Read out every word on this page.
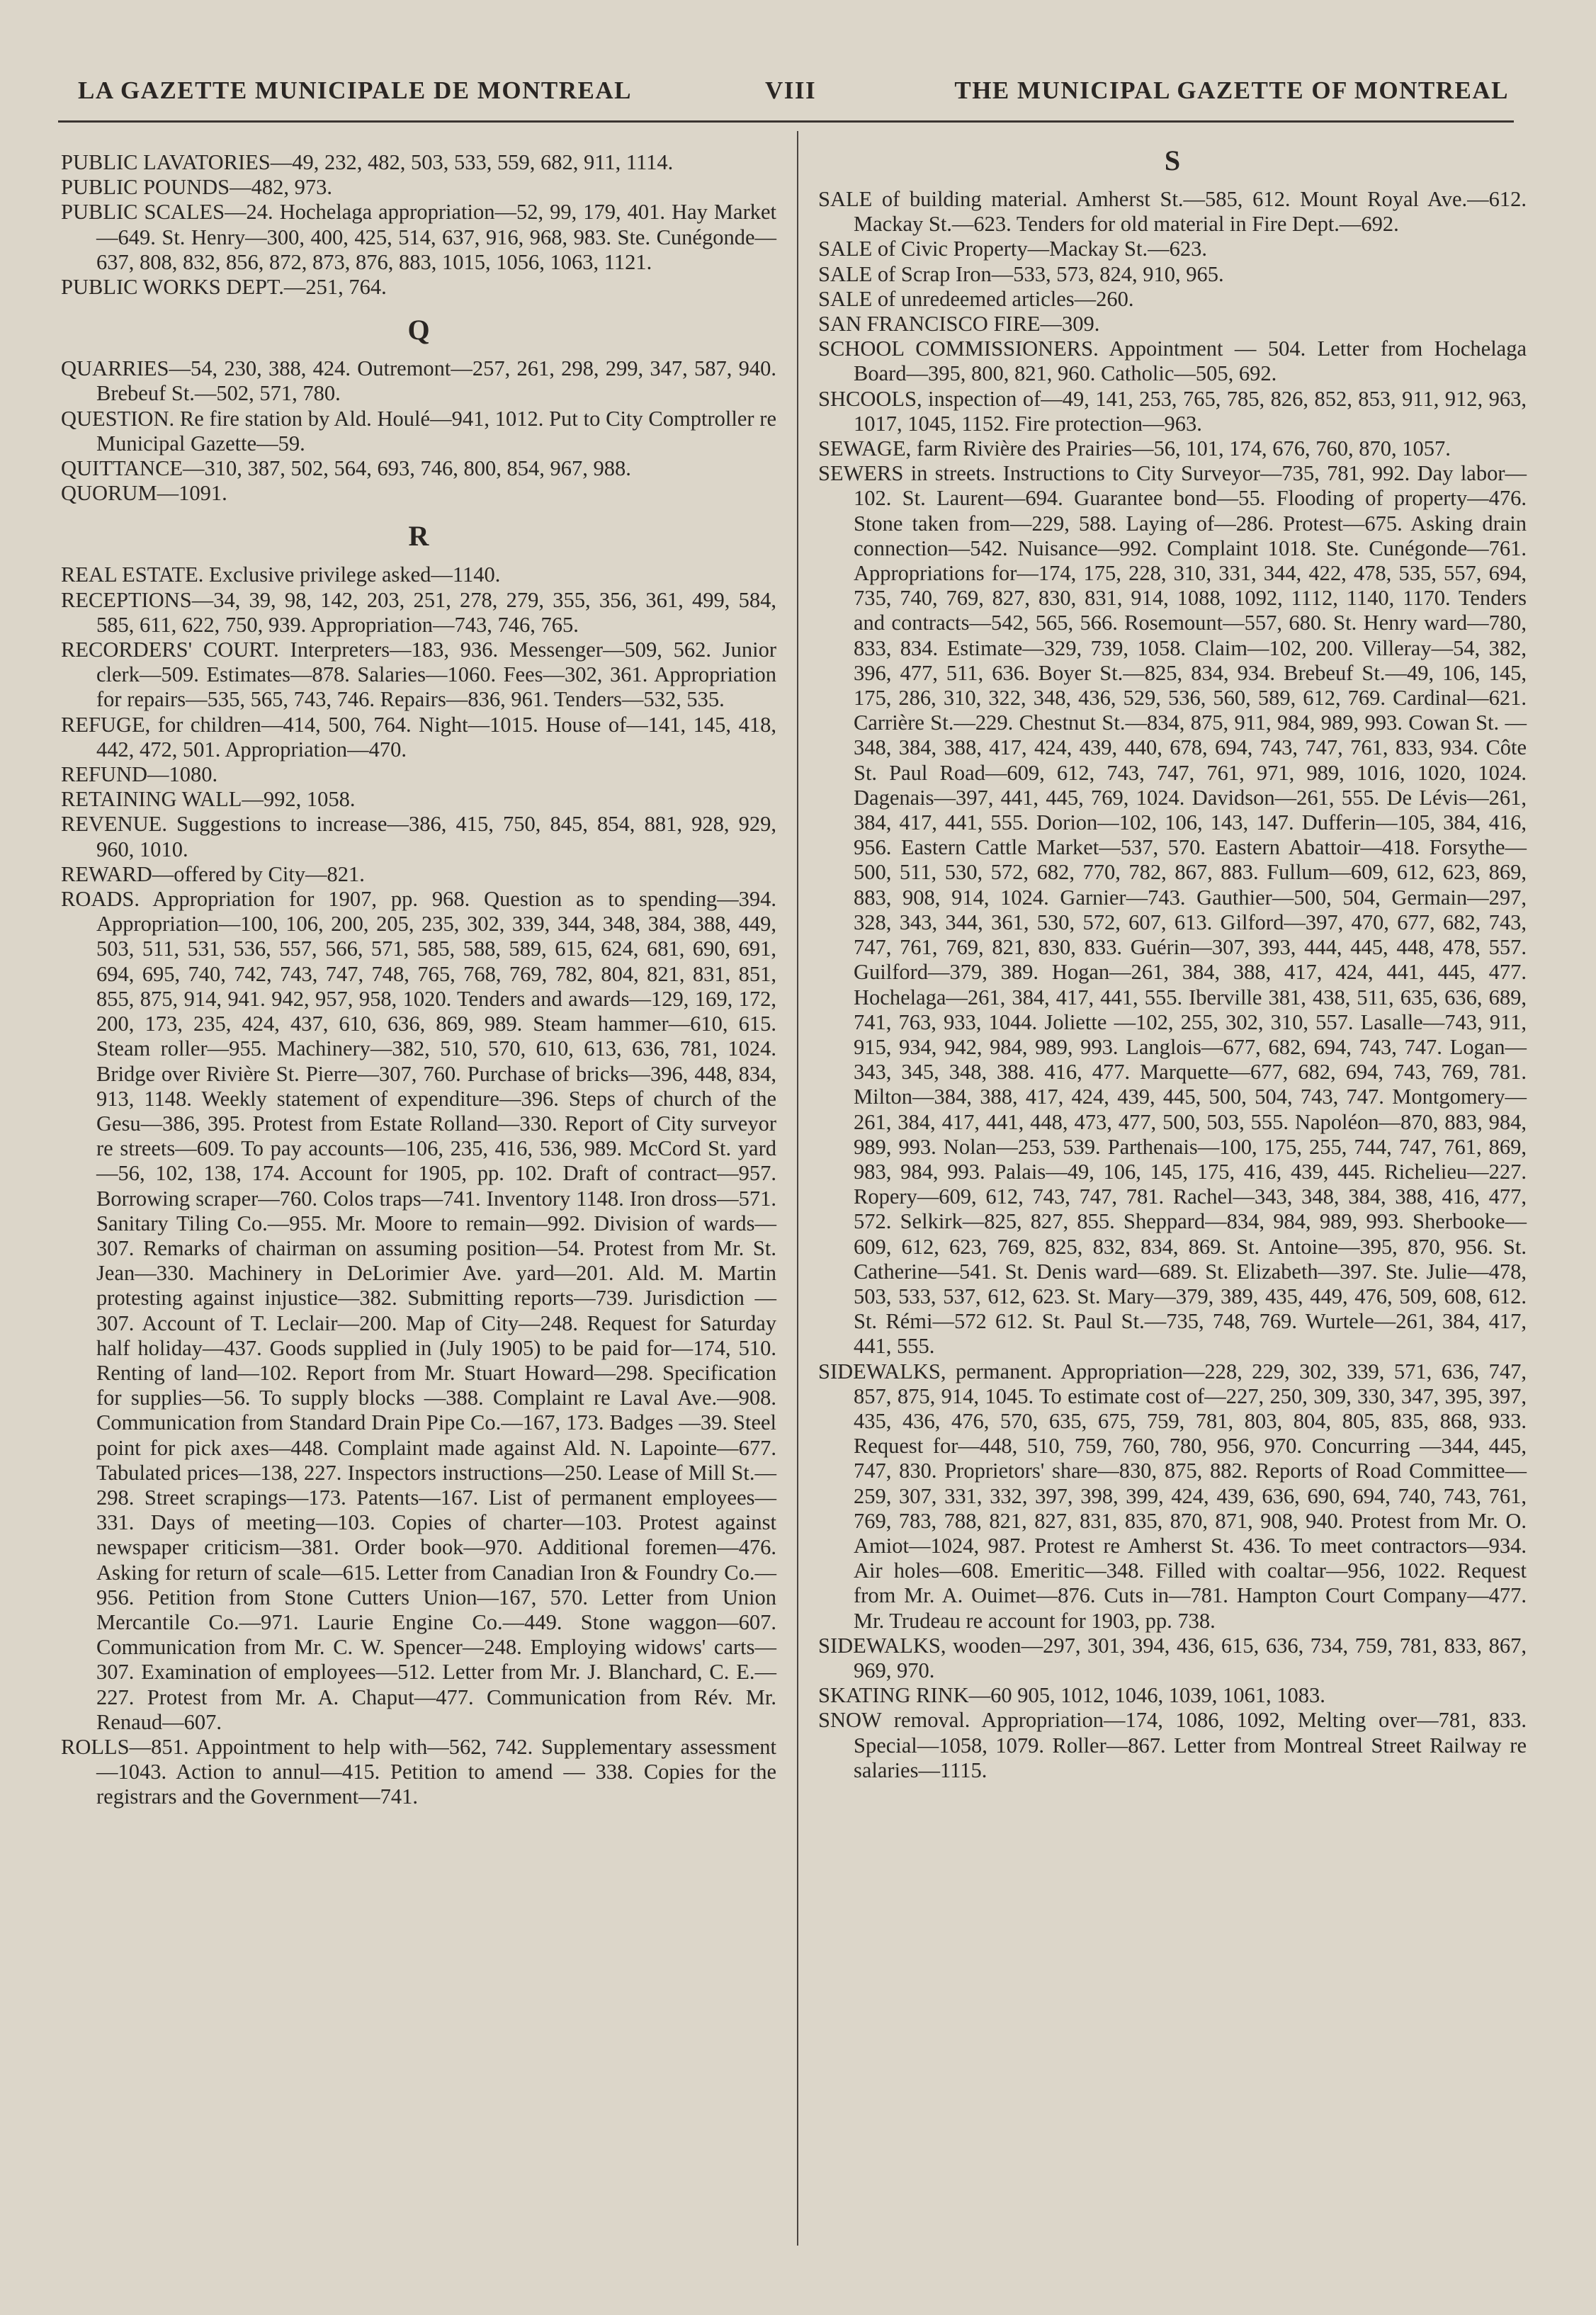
LA GAZETTE MUNICIPALE DE MONTREAL	VIII	THE MUNICIPAL GAZETTE OF MONTREAL
PUBLIC LAVATORIES—49, 232, 482, 503, 533, 559, 682, 911, 1114.
PUBLIC POUNDS—482, 973.
PUBLIC SCALES—24. Hochelaga appropriation—52, 99, 179, 401. Hay Market—649. St. Henry—300, 400, 425, 514, 637, 916, 968, 983. Ste. Cunégonde—637, 808, 832, 856, 872, 873, 876, 883, 1015, 1056, 1063, 1121.
PUBLIC WORKS DEPT.—251, 764.
Q
QUARRIES—54, 230, 388, 424. Outremont—257, 261, 298, 299, 347, 587, 940. Brebeuf St.—502, 571, 780.
QUESTION. Re fire station by Ald. Houlé—941, 1012. Put to City Comptroller re Municipal Gazette—59.
QUITTANCE—310, 387, 502, 564, 693, 746, 800, 854, 967, 988.
QUORUM—1091.
R
REAL ESTATE. Exclusive privilege asked—1140.
RECEPTIONS—34, 39, 98, 142, 203, 251, 278, 279, 355, 356, 361, 499, 584, 585, 611, 622, 750, 939. Appropriation—743, 746, 765.
RECORDERS' COURT. Interpreters—183, 936. Messenger—509, 562. Junior clerk—509. Estimates—878. Salaries—1060. Fees—302, 361. Appropriation for repairs—535, 565, 743, 746. Repairs—836, 961. Tenders—532, 535.
REFUGE, for children—414, 500, 764. Night—1015. House of—141, 145, 418, 442, 472, 501. Appropriation—470.
REFUND—1080.
RETAINING WALL—992, 1058.
REVENUE. Suggestions to increase—386, 415, 750, 845, 854, 881, 928, 929, 960, 1010.
REWARD—offered by City—821.
ROADS. Appropriation for 1907, pp. 968. Question as to spending—394. Appropriation—100, 106, 200, 205, 235, 302, 339, 344, 348, 384, 388, 449, 503, 511, 531, 536, 557, 566, 571, 585, 588, 589, 615, 624, 681, 690, 691, 694, 695, 740, 742, 743, 747, 748, 765, 768, 769, 782, 804, 821, 831, 851, 855, 875, 914, 941. 942, 957, 958, 1020. Tenders and awards—129, 169, 172, 200, 173, 235, 424, 437, 610, 636, 869, 989. Steam hammer—610, 615. Steam roller—955. Machinery—382, 510, 570, 610, 613, 636, 781, 1024. Bridge over Rivière St. Pierre—307, 760. Purchase of bricks—396, 448, 834, 913, 1148. Weekly statement of expenditure—396. Steps of church of the Gesu—386, 395. Protest from Estate Rolland—330. Report of City surveyor re streets—609. To pay accounts—106, 235, 416, 536, 989. McCord St. yard—56, 102, 138, 174. Account for 1905, pp. 102. Draft of contract—957. Borrowing scraper—760. Colos traps—741. Inventory 1148. Iron dross—571. Sanitary Tiling Co.—955. Mr. Moore to remain—992. Division of wards—307. Remarks of chairman on assuming position—54. Protest from Mr. St. Jean—330. Machinery in DeLorimier Ave. yard—201. Ald. M. Martin protesting against injustice—382. Submitting reports—739. Jurisdiction —307. Account of T. Leclair—200. Map of City—248. Request for Saturday half holiday—437. Goods supplied in (July 1905) to be paid for—174, 510. Renting of land—102. Report from Mr. Stuart Howard—298. Specification for supplies—56. To supply blocks —388. Complaint re Laval Ave.—908. Communication from Standard Drain Pipe Co.—167, 173. Badges —39. Steel point for pick axes—448. Complaint made against Ald. N. Lapointe—677. Tabulated prices—138, 227. Inspectors instructions—250. Lease of Mill St.—298. Street scrapings—173. Patents—167. List of permanent employees—331. Days of meeting—103. Copies of charter—103. Protest against newspaper criticism—381. Order book—970. Additional foremen—476. Asking for return of scale—615. Letter from Canadian Iron & Foundry Co.—956. Petition from Stone Cutters Union—167, 570. Letter from Union Mercantile Co.—971. Laurie Engine Co.—449. Stone waggon—607. Communication from Mr. C. W. Spencer—248. Employing widows' carts—307. Examination of employees—512. Letter from Mr. J. Blanchard, C. E.—227. Protest from Mr. A. Chaput—477. Communication from Rév. Mr. Renaud—607.
ROLLS—851. Appointment to help with—562, 742. Supplementary assessment—1043. Action to annul—415. Petition to amend — 338. Copies for the registrars and the Government—741.
S
SALE of building material. Amherst St.—585, 612. Mount Royal Ave.—612. Mackay St.—623. Tenders for old material in Fire Dept.—692.
SALE of Civic Property—Mackay St.—623.
SALE of Scrap Iron—533, 573, 824, 910, 965.
SALE of unredeemed articles—260.
SAN FRANCISCO FIRE—309.
SCHOOL COMMISSIONERS. Appointment — 504. Letter from Hochelaga Board—395, 800, 821, 960. Catholic—505, 692.
SHCOOLS, inspection of—49, 141, 253, 765, 785, 826, 852, 853, 911, 912, 963, 1017, 1045, 1152. Fire protection—963.
SEWAGE, farm Rivière des Prairies—56, 101, 174, 676, 760, 870, 1057.
SEWERS in streets. Instructions to City Surveyor—735, 781, 992. Day labor—102. St. Laurent—694. Guarantee bond—55. Flooding of property—476. Stone taken from—229, 588. Laying of—286. Protest—675. Asking drain connection—542. Nuisance—992. Complaint 1018. Ste. Cunégonde—761. Appropriations for—174, 175, 228, 310, 331, 344, 422, 478, 535, 557, 694, 735, 740, 769, 827, 830, 831, 914, 1088, 1092, 1112, 1140, 1170. Tenders and contracts—542, 565, 566. Rosemount—557, 680. St. Henry ward—780, 833, 834. Estimate—329, 739, 1058. Claim—102, 200. Villeray—54, 382, 396, 477, 511, 636. Boyer St.—825, 834, 934. Brebeuf St.—49, 106, 145, 175, 286, 310, 322, 348, 436, 529, 536, 560, 589, 612, 769. Cardinal—621. Carrière St.—229. Chestnut St.—834, 875, 911, 984, 989, 993. Cowan St. —348, 384, 388, 417, 424, 439, 440, 678, 694, 743, 747, 761, 833, 934. Côte St. Paul Road—609, 612, 743, 747, 761, 971, 989, 1016, 1020, 1024. Dagenais—397, 441, 445, 769, 1024. Davidson—261, 555. De Lévis—261, 384, 417, 441, 555. Dorion—102, 106, 143, 147. Dufferin—105, 384, 416, 956. Eastern Cattle Market—537, 570. Eastern Abattoir—418. Forsythe—500, 511, 530, 572, 682, 770, 782, 867, 883. Fullum—609, 612, 623, 869, 883, 908, 914, 1024. Garnier—743. Gauthier—500, 504, Germain—297, 328, 343, 344, 361, 530, 572, 607, 613. Gilford—397, 470, 677, 682, 743, 747, 761, 769, 821, 830, 833. Guérin—307, 393, 444, 445, 448, 478, 557. Guilford—379, 389. Hogan—261, 384, 388, 417, 424, 441, 445, 477. Hochelaga—261, 384, 417, 441, 555. Iberville 381, 438, 511, 635, 636, 689, 741, 763, 933, 1044. Joliette —102, 255, 302, 310, 557. Lasalle—743, 911, 915, 934, 942, 984, 989, 993. Langlois—677, 682, 694, 743, 747. Logan—343, 345, 348, 388. 416, 477. Marquette—677, 682, 694, 743, 769, 781. Milton—384, 388, 417, 424, 439, 445, 500, 504, 743, 747. Montgomery—261, 384, 417, 441, 448, 473, 477, 500, 503, 555. Napoléon—870, 883, 984, 989, 993. Nolan—253, 539. Parthenais—100, 175, 255, 744, 747, 761, 869, 983, 984, 993. Palais—49, 106, 145, 175, 416, 439, 445. Richelieu—227. Ropery—609, 612, 743, 747, 781. Rachel—343, 348, 384, 388, 416, 477, 572. Selkirk—825, 827, 855. Sheppard—834, 984, 989, 993. Sherbooke—609, 612, 623, 769, 825, 832, 834, 869. St. Antoine—395, 870, 956. St. Catherine—541. St. Denis ward—689. St. Elizabeth—397. Ste. Julie—478, 503, 533, 537, 612, 623. St. Mary—379, 389, 435, 449, 476, 509, 608, 612. St. Rémi—572 612. St. Paul St.—735, 748, 769. Wurtele—261, 384, 417, 441, 555.
SIDEWALKS, permanent. Appropriation—228, 229, 302, 339, 571, 636, 747, 857, 875, 914, 1045. To estimate cost of—227, 250, 309, 330, 347, 395, 397, 435, 436, 476, 570, 635, 675, 759, 781, 803, 804, 805, 835, 868, 933. Request for—448, 510, 759, 760, 780, 956, 970. Concurring —344, 445, 747, 830. Proprietors' share—830, 875, 882. Reports of Road Committee—259, 307, 331, 332, 397, 398, 399, 424, 439, 636, 690, 694, 740, 743, 761, 769, 783, 788, 821, 827, 831, 835, 870, 871, 908, 940. Protest from Mr. O. Amiot—1024, 987. Protest re Amherst St. 436. To meet contractors—934. Air holes—608. Emeritic—348. Filled with coaltar—956, 1022. Request from Mr. A. Ouimet—876. Cuts in—781. Hampton Court Company—477. Mr. Trudeau re account for 1903, pp. 738.
SIDEWALKS, wooden—297, 301, 394, 436, 615, 636, 734, 759, 781, 833, 867, 969, 970.
SKATING RINK—60 905, 1012, 1046, 1039, 1061, 1083.
SNOW removal. Appropriation—174, 1086, 1092, Melting over—781, 833. Special—1058, 1079. Roller—867. Letter from Montreal Street Railway re salaries—1115.
